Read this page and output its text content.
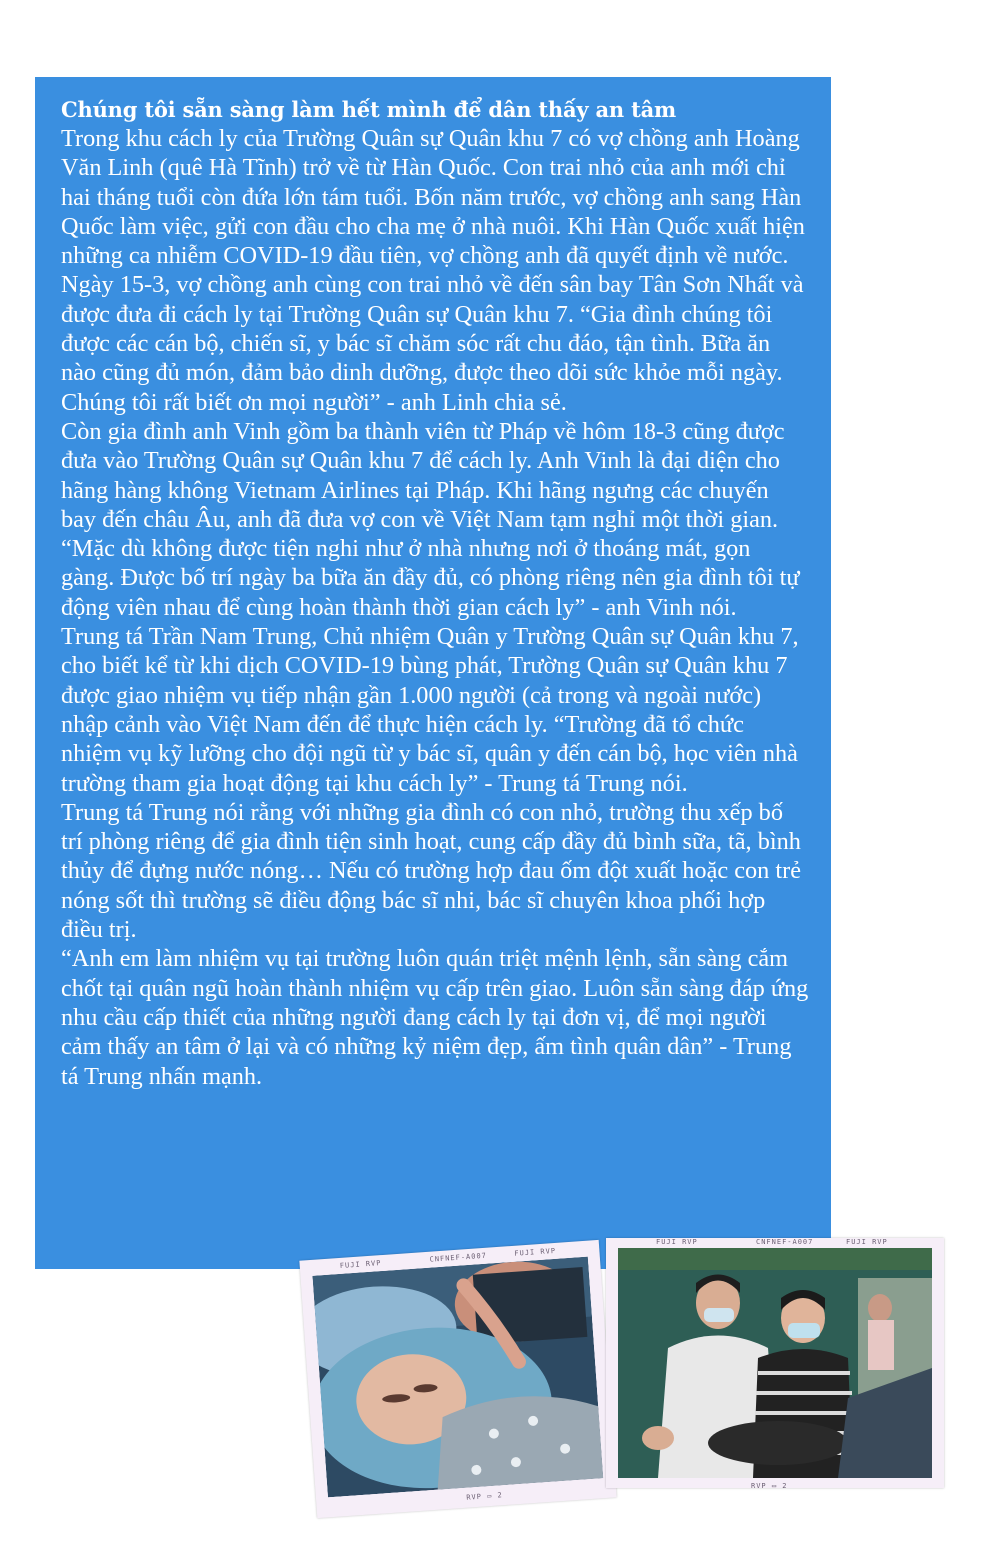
Chúng tôi sẵn sàng làm hết mình để dân thấy an tâm

Trong khu cách ly của Trường Quân sự Quân khu 7 có vợ chồng anh Hoàng Văn Linh (quê Hà Tĩnh) trở về từ Hàn Quốc. Con trai nhỏ của anh mới chỉ hai tháng tuổi còn đứa lớn tám tuổi. Bốn năm trước, vợ chồng anh sang Hàn Quốc làm việc, gửi con đầu cho cha mẹ ở nhà nuôi. Khi Hàn Quốc xuất hiện những ca nhiễm COVID-19 đầu tiên, vợ chồng anh đã quyết định về nước.

Ngày 15-3, vợ chồng anh cùng con trai nhỏ về đến sân bay Tân Sơn Nhất và được đưa đi cách ly tại Trường Quân sự Quân khu 7. “Gia đình chúng tôi được các cán bộ, chiến sĩ, y bác sĩ chăm sóc rất chu đáo, tận tình. Bữa ăn nào cũng đủ món, đảm bảo dinh dưỡng, được theo dõi sức khỏe mỗi ngày. Chúng tôi rất biết ơn mọi người” - anh Linh chia sẻ.

Còn gia đình anh Vinh gồm ba thành viên từ Pháp về hôm 18-3 cũng được đưa vào Trường Quân sự Quân khu 7 để cách ly. Anh Vinh là đại diện cho hãng hàng không Vietnam Airlines tại Pháp. Khi hãng ngưng các chuyến bay đến châu Âu, anh đã đưa vợ con về Việt Nam tạm nghỉ một thời gian.

“Mặc dù không được tiện nghi như ở nhà nhưng nơi ở thoáng mát, gọn gàng. Được bố trí ngày ba bữa ăn đầy đủ, có phòng riêng nên gia đình tôi tự động viên nhau để cùng hoàn thành thời gian cách ly” - anh Vinh nói.

Trung tá Trần Nam Trung, Chủ nhiệm Quân y Trường Quân sự Quân khu 7, cho biết kể từ khi dịch COVID-19 bùng phát, Trường Quân sự Quân khu 7 được giao nhiệm vụ tiếp nhận gần 1.000 người (cả trong và ngoài nước) nhập cảnh vào Việt Nam đến để thực hiện cách ly. “Trường đã tổ chức nhiệm vụ kỹ lưỡng cho đội ngũ từ y bác sĩ, quân y đến cán bộ, học viên nhà trường tham gia hoạt động tại khu cách ly” - Trung tá Trung nói.

Trung tá Trung nói rằng với những gia đình có con nhỏ, trường thu xếp bố trí phòng riêng để gia đình tiện sinh hoạt, cung cấp đầy đủ bình sữa, tã, bình thủy để đựng nước nóng… Nếu có trường hợp đau ốm đột xuất hoặc con trẻ nóng sốt thì trường sẽ điều động bác sĩ nhi, bác sĩ chuyên khoa phối hợp điều trị.

“Anh em làm nhiệm vụ tại trường luôn quán triệt mệnh lệnh, sẵn sàng cắm chốt tại quân ngũ hoàn thành nhiệm vụ cấp trên giao. Luôn sẵn sàng đáp ứng nhu cầu cấp thiết của những người đang cách ly tại đơn vị, để mọi người cảm thấy an tâm ở lại và có những kỷ niệm đẹp, ấm tình quân dân” - Trung tá Trung nhấn mạnh.

FUJI RVP
CNFNEF-A007	FUJI RVP
RVP ▭ 2
FUJI RVP	CNFNEF-A007	FUJI RVP
RVP ▭ 2
